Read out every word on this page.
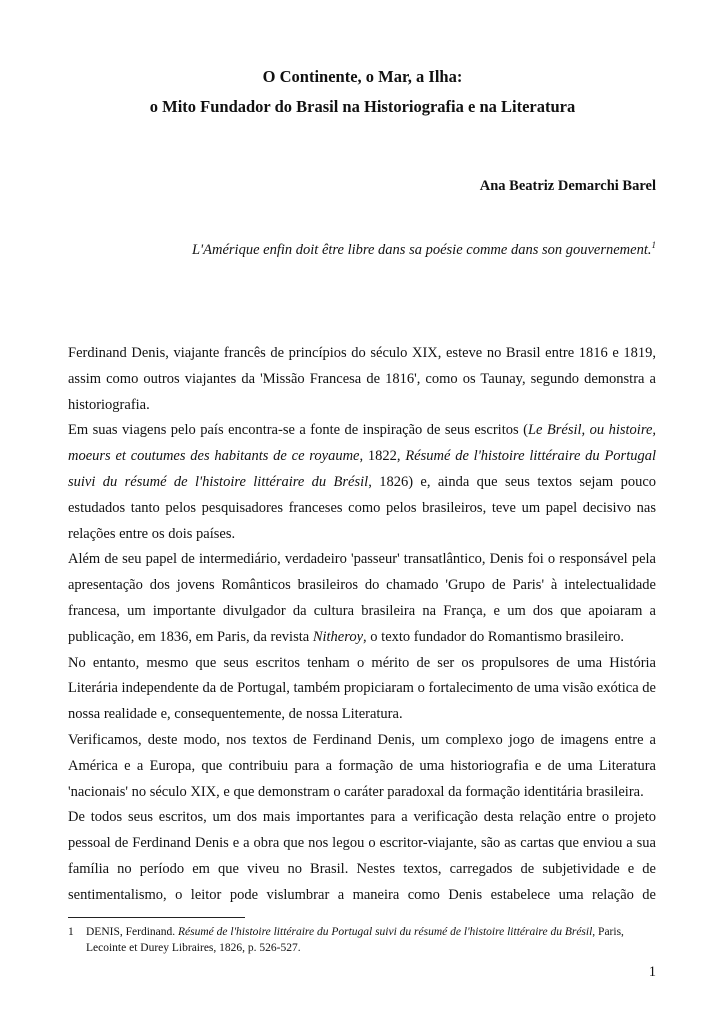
O Continente, o Mar, a Ilha:
o Mito Fundador do Brasil na Historiografia e na Literatura
Ana Beatriz Demarchi Barel
L'Amérique enfin doit être libre dans sa poésie comme dans son gouvernement.$^1$

Ferdinand Denis, viajante francês de princípios do século XIX, esteve no Brasil entre 1816 e 1819, assim como outros viajantes da 'Missão Francesa de 1816', como os Taunay, segundo demonstra a historiografia.

Em suas viagens pelo país encontra-se a fonte de inspiração de seus escritos (Le Brésil, ou histoire, moeurs et coutumes des habitants de ce royaume, 1822, Résumé de l'histoire littéraire du Portugal suivi du résumé de l'histoire littéraire du Brésil, 1826) e, ainda que seus textos sejam pouco estudados tanto pelos pesquisadores franceses como pelos brasileiros, teve um papel decisivo nas relações entre os dois países.

Além de seu papel de intermediário, verdadeiro 'passeur' transatlântico, Denis foi o responsável pela apresentação dos jovens Românticos brasileiros do chamado 'Grupo de Paris' à intelectualidade francesa, um importante divulgador da cultura brasileira na França, e um dos que apoiaram a publicação, em 1836, em Paris, da revista Nitheroy, o texto fundador do Romantismo brasileiro.

No entanto, mesmo que seus escritos tenham o mérito de ser os propulsores de uma História Literária independente da de Portugal, também propiciaram o fortalecimento de uma visão exótica de nossa realidade e, consequentemente, de nossa Literatura.

Verificamos, deste modo, nos textos de Ferdinand Denis, um complexo jogo de imagens entre a América e a Europa, que contribuiu para a formação de uma historiografia e de uma Literatura 'nacionais' no século XIX, e que demonstram o caráter paradoxal da formação identitária brasileira.

De todos seus escritos, um dos mais importantes para a verificação desta relação entre o projeto pessoal de Ferdinand Denis e a obra que nos legou o escritor-viajante, são as cartas que enviou a sua família no período em que viveu no Brasil. Nestes textos, carregados de subjetividade e de sentimentalismo, o leitor pode vislumbrar a maneira como Denis estabelece uma relação de

1 DENIS, Ferdinand. Résumé de l'histoire littéraire du Portugal suivi du résumé de l'histoire littéraire du Brésil, Paris, Lecointe et Durey Libraires, 1826, p. 526-527.
1
